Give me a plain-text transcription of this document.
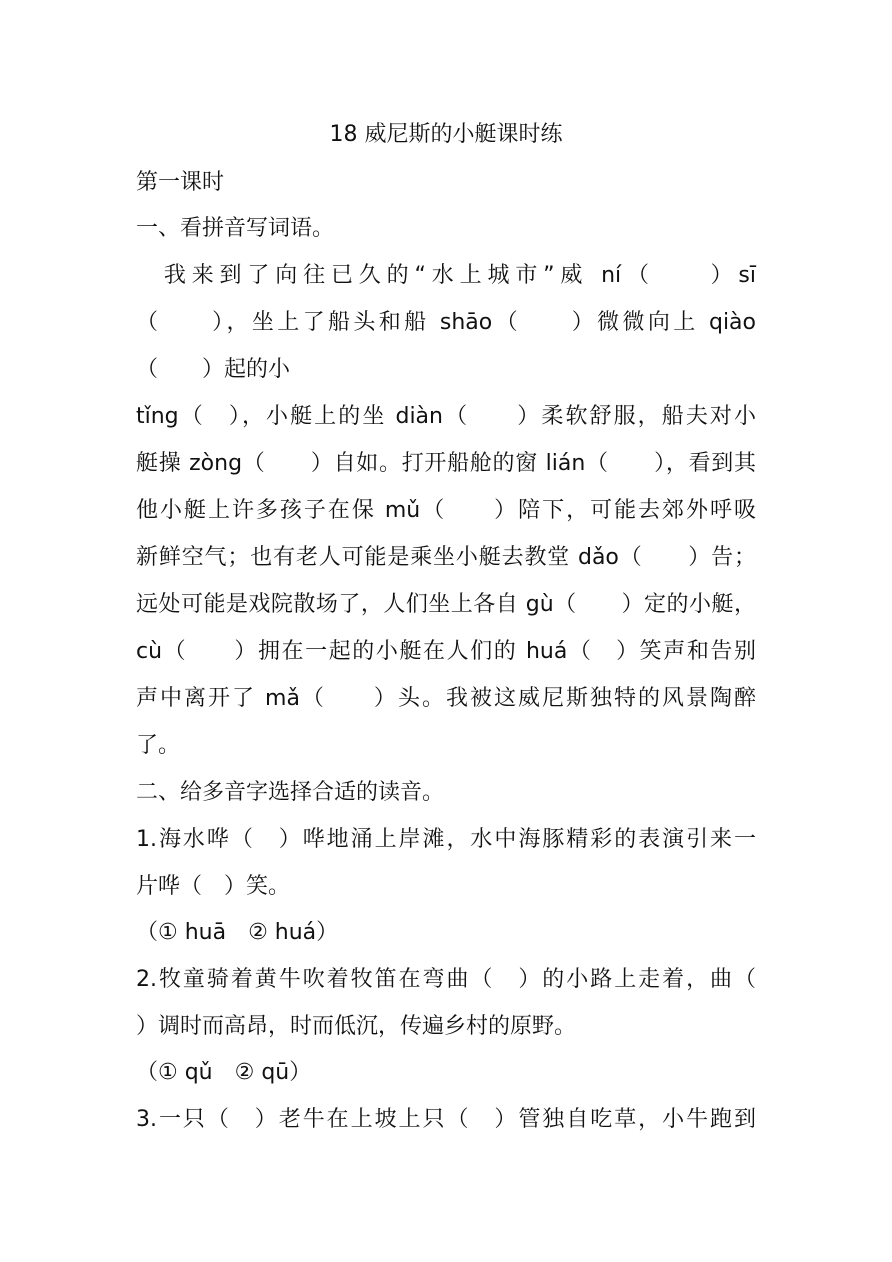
18 威尼斯的小艇课时练
第一课时
一、看拼音写词语。
　我来到了向往已久的“水上城市”威 ní（　　）sī
（　　），坐上了船头和船 shāo（　　）微微向上 qiào
（　　）起的小
tǐng（　），小艇上的坐 diàn（　　）柔软舒服，船夫对小
艇操 zòng（　　）自如。打开船舱的窗 lián（　　），看到其
他小艇上许多孩子在保 mǔ（　　）陪下，可能去郊外呼吸
新鲜空气；也有老人可能是乘坐小艇去教堂 dǎo（　　）告；
远处可能是戏院散场了，人们坐上各自 gù（　　）定的小艇，
cù（　　）拥在一起的小艇在人们的 huá（　）笑声和告别
声中离开了 mǎ（　　）头。我被这威尼斯独特的风景陶醉
了。
二、给多音字选择合适的读音。
1.海水哗（　）哗地涌上岸滩，水中海豚精彩的表演引来一
片哗（　）笑。
（① huā　② huá）
2.牧童骑着黄牛吹着牧笛在弯曲（　）的小路上走着，曲（
）调时而高昂，时而低沉，传遍乡村的原野。
（① qǔ　② qū）
3.一只（　）老牛在上坡上只（　）管独自吃草，小牛跑到
